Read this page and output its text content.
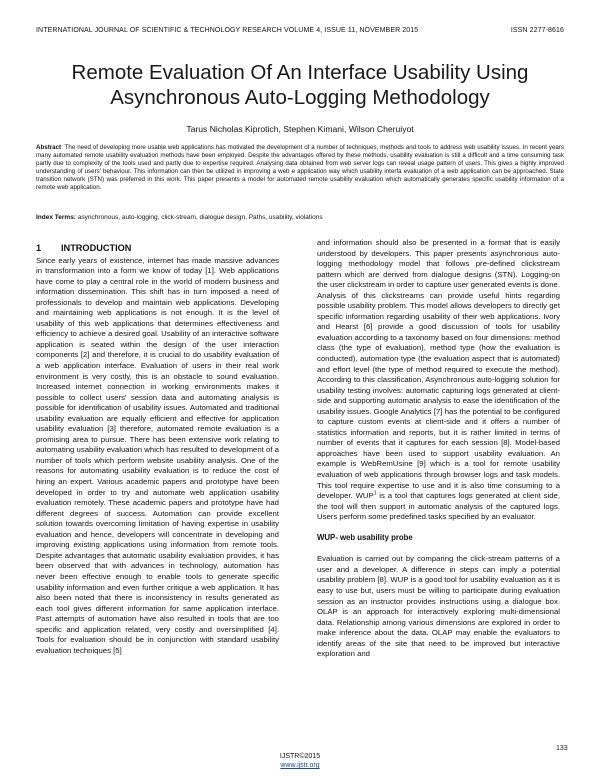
INTERNATIONAL JOURNAL OF SCIENTIFIC & TECHNOLOGY RESEARCH VOLUME 4, ISSUE 11, NOVEMBER 2015	ISSN 2277-8616
Remote Evaluation Of An Interface Usability Using
Asynchronous Auto-Logging Methodology
Tarus Nicholas Kiprotich, Stephen Kimani, Wilson Cheruiyot
Abstract: The need of developing more usable web applications has motivated the development of a number of techniques, methods and tools to address web usability issues. In recent years many automated remote usability evaluation methods have been employed. Despite the advantages offered by these methods, usability evaluation is still a difficult and a time consuming task partly due to complexity of the tools used and partly due to expertise required. Analysing data obtained from web server logs can reveal usage pattern of users. This gives a highly improved understanding of users' behaviour. This information can then be utilized in improving a web e application way which usability interfa evaluation of a web application can be approached. State transition network (STN) was preferred in this work. This paper presents a model for automated remote usability evaluation which automatically generates specific usability information of a remote web application.
Index Terms: asynchronous, auto-logging, click-stream, dialogue design, Paths, usability, violations
1 INTRODUCTION

Since early years of existence, internet has made massive advances in transformation into a form we know of today [1]. Web applications have come to play a central role in the world of modern business and information dissemination. This shift has in turn imposed a need of professionals to develop and maintain web applications. Developing and maintaining web applications is not enough. It is the level of usability of this web applications that determines effectiveness and efficiency to achieve a desired goal. Usability of an interactive software application is seated within the design of the user interaction components [2] and therefore, it is crucial to do usability evaluation of a web application interface. Evaluation of users in their real work environment is very costly, this is an obstacle to sound evaluation. Increased internet connection in working environments makes it possible to collect users' session data and automating analysis is possible for identification of usability issues. Automated and traditional usability evaluation are equally efficient and effective for application usability evaluation [3] therefore, automated remote evaluation is a promising area to pursue. There has been extensive work relating to automating usability evaluation which has resulted to development of a number of tools which perform website usability analysis. One of the reasons for automating usability evaluation is to reduce the cost of hiring an expert. Various academic papers and prototype have been developed in order to try and automate web application usability evaluation remotely. These academic papers and prototype have had different degrees of success. Automation can provide excellent solution towards overcoming limitation of having expertise in usability evaluation and hence, developers will concentrate in developing and improving existing applications using information from remote tools. Despite advantages that automatic usability evaluation provides, it has been observed that with advances in technology, automation has never been effective enough to enable tools to generate specific usability information and even further critique a web application. It has also been noted that there is inconsistency in results generated as each tool gives different information for same application interface. Past attempts of automation have also resulted in tools that are too specific and application related, very costly and oversimplified [4]. Tools for evaluation should be in conjunction with standard usability evaluation techniques [5]

and information should also be presented in a format that is easily understood by developers. This paper presents asynchronous auto-logging methodology model that follows pre-defined clickstream pattern which are derived from dialogue designs (STN). Logging-on the user clickstream in order to capture user generated events is done. Analysis of this clickstreams can provide useful hints regarding possible usability problem. This model allows developers to directly get specific information regarding usability of their web applications. Ivory and Hearst [6] provide a good discussion of tools for usability evaluation according to a taxonomy based on four dimensions: method class (the type of evaluation), method type (how the evaluation is conducted), automation type (the evaluation aspect that is automated) and effort level (the type of method required to execute the method). According to this classification, Asynchronous auto-logging solution for usability testing involves: automatic capturing logs generated at client-side and supporting automatic analysis to ease the identification of the usability issues. Google Analytics [7] has the potential to be configured to capture custom events at client-side and it offers a number of statistics information and reports, but it is rather limited in terms of number of events that it captures for each session [8]. Model-based approaches have been used to support usability evaluation. An example is WebRemUsine [9] which is a tool for remote usability evaluation of web applications through browser logs and task models. This tool require expertise to use and it is also time consuming to a developer. WUP$^1$ is a tool that captures logs generated at client side, the tool will then support in automatic analysis of the captured logs. Users perform some predefined tasks specified by an evaluator.

WUP- web usability probe

Evaluation is carried out by comparing the click-stream patterns of a user and a developer. A difference in steps can imply a potential usability problem [8]. WUP is a good tool for usability evaluation as it is easy to use but, users must be willing to participate during evaluation session as an instructor provides instructions using a dialogue box. OLAP is an approach for interactively exploring multi-dimensional data. Relationship among various dimensions are explored in order to make inference about the data. OLAP may enable the evaluators to identify areas of the site that need to be improved but interactive exploration and

133
IJSTR©2015
www.ijstr.org
